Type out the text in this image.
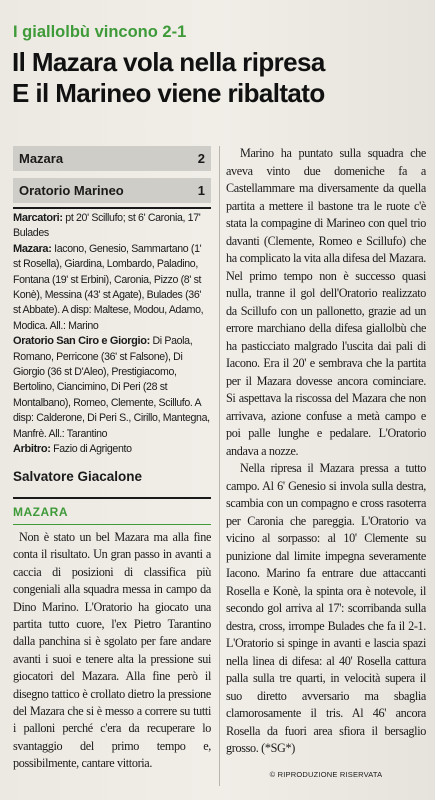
I giallolbù vincono 2-1
Il Mazara vola nella ripresa
E il Marineo viene ribaltato
Mazara	2
Oratorio Marineo	1

Marcatori: pt 20' Scillufo; st 6' Caronia, 17' Bulades

Mazara: Iacono, Genesio, Sammartano (1' st Rosella), Giardina, Lombardo, Paladino, Fontana (19' st Erbini), Caronia, Pizzo (8' st Konè), Messina (43' st Agate), Bulades (36' st Abbate). A disp: Maltese, Modou, Adamo, Modica. All.: Marino

Oratorio San Ciro e Giorgio: Di Paola, Romano, Perricone (36' st Falsone), Di Giorgio (36 st D'Aleo), Prestigiacomo, Bertolino, Ciancimino, Di Peri (28 st Montalbano), Romeo, Clemente, Scillufo. A disp: Calderone, Di Peri S., Cirillo, Mantegna, Manfrè. All.: Tarantino

Arbitro: Fazio di Agrigento

Salvatore Giacalone
MAZARA

Non è stato un bel Mazara ma alla fine conta il risultato. Un gran passo in avanti a caccia di posizioni di classifica più congeniali alla squadra messa in campo da Dino Marino. L'Oratorio ha giocato una partita tutto cuore, l'ex Pietro Tarantino dalla panchina si è sgolato per fare andare avanti i suoi e tenere alta la pressione sui giocatori del Mazara. Alla fine però il disegno tattico è crollato dietro la pressione del Mazara che si è messo a correre su tutti i palloni perché c'era da recuperare lo svantaggio del primo tempo e, possibilmente, cantare vittoria.

Marino ha puntato sulla squadra che aveva vinto due domeniche fa a Castellammare ma diversamente da quella partita a mettere il bastone tra le ruote c'è stata la compagine di Marineo con quel trio davanti (Clemente, Romeo e Scillufo) che ha complicato la vita alla difesa del Mazara. Nel primo tempo non è successo quasi nulla, tranne il gol dell'Oratorio realizzato da Scillufo con un pallonetto, grazie ad un errore marchiano della difesa giallolbù che ha pasticciato malgrado l'uscita dai pali di Iacono. Era il 20' e sembrava che la partita per il Mazara dovesse ancora cominciare. Si aspettava la riscossa del Mazara che non arrivava, azione confuse a metà campo e poi palle lunghe e pedalare. L'Oratorio andava a nozze.

Nella ripresa il Mazara pressa a tutto campo. Al 6' Genesio si invola sulla destra, scambia con un compagno e cross rasoterra per Caronia che pareggia. L'Oratorio va vicino al sorpasso: al 10' Clemente su punizione dal limite impegna severamente Iacono. Marino fa entrare due attaccanti Rosella e Konè, la spinta ora è notevole, il secondo gol arriva al 17': scorribanda sulla destra, cross, irrompe Bulades che fa il 2-1. L'Oratorio si spinge in avanti e lascia spazi nella linea di difesa: al 40' Rosella cattura palla sulla tre quarti, in velocità supera il suo diretto avversario ma sbaglia clamorosamente il tris. Al 46' ancora Rosella da fuori area sfiora il bersaglio grosso. (*SG*)

© RIPRODUZIONE RISERVATA
